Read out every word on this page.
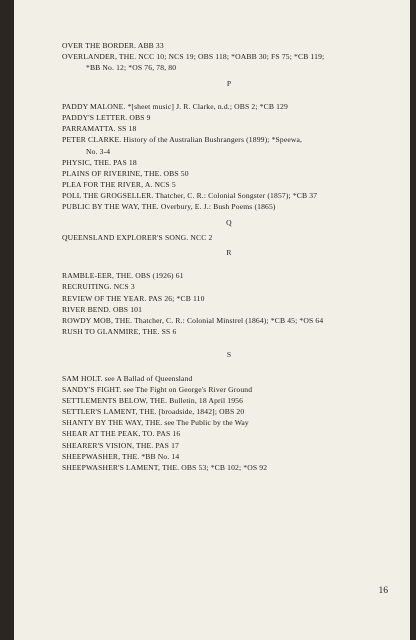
OVER THE BORDER. ABB 33
OVERLANDER, THE. NCC 10; NCS 19; OBS 118; *OABB 30; FS 75; *CB 119;
*BB No. 12; *OS 76, 78, 80
P
PADDY MALONE. *[sheet music] J. R. Clarke, n.d.; OBS 2; *CB 129
PADDY'S LETTER. OBS 9
PARRAMATTA. SS 18
PETER CLARKE. History of the Australian Bushrangers (1899); *Speewa,
No. 3-4
PHYSIC, THE. PAS 18
PLAINS OF RIVERINE, THE. OBS 50
PLEA FOR THE RIVER, A. NCS 5
POLL THE GROGSELLER. Thatcher, C. R.: Colonial Songster (1857); *CB 37
PUBLIC BY THE WAY, THE. Overbury, E. J.: Bush Poems (1865)
Q
QUEENSLAND EXPLORER'S SONG. NCC 2
R
RAMBLE-EER, THE. OBS (1926) 61
RECRUITING. NCS 3
REVIEW OF THE YEAR. PAS 26; *CB 110
RIVER BEND. OBS 101
ROWDY MOB, THE. Thatcher, C. R.: Colonial Minstrel (1864); *CB 45; *OS 64
RUSH TO GLANMIRE, THE. SS 6
S
SAM HOLT. see A Ballad of Queensland
SANDY'S FIGHT. see The Fight on George's River Ground
SETTLEMENTS BELOW, THE. Bulletin, 18 April 1956
SETTLER'S LAMENT, THE. [broadside, 1842]; OBS 20
SHANTY BY THE WAY, THE. see The Public by the Way
SHEAR AT THE PEAK, TO. PAS 16
SHEARER'S VISION, THE. PAS 17
SHEEPWASHER, THE. *BB No. 14
SHEEPWASHER'S LAMENT, THE. OBS 53; *CB 102; *OS 92
16
